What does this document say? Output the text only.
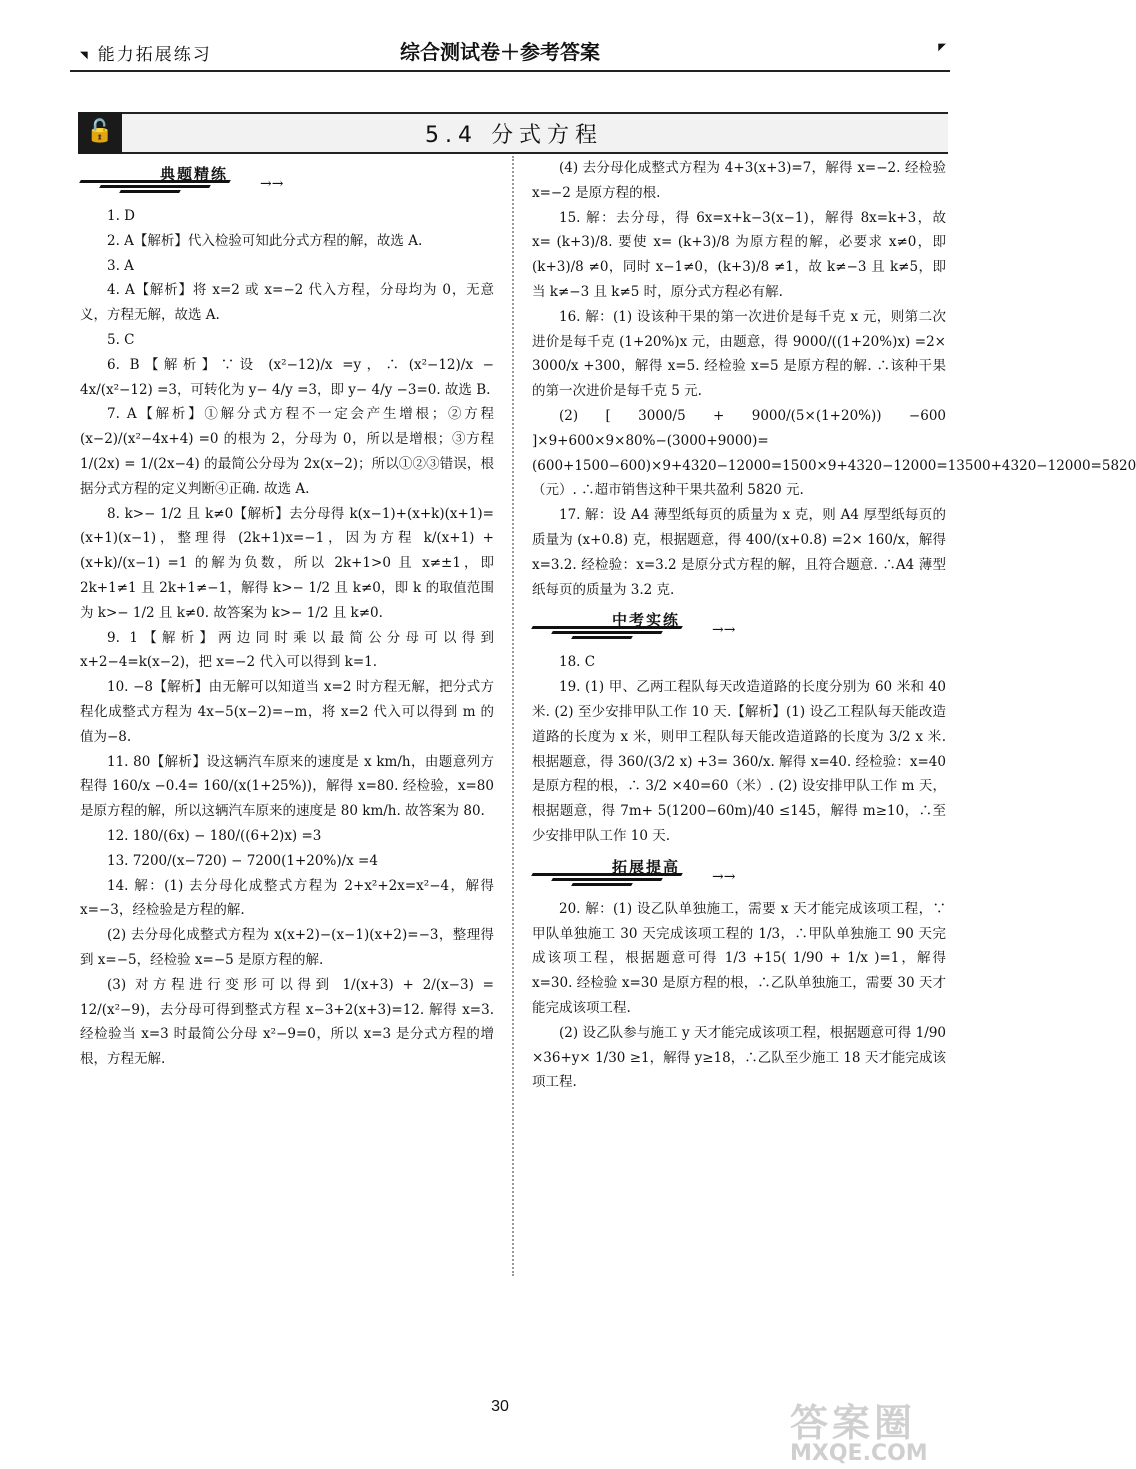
◥ 能力拓展练习	综合测试卷＋参考答案	◤
🔓	5.4 分式方程
典题精练
→→

1. D

2. A【解析】代入检验可知此分式方程的解，故选 A.

3. A

4. A【解析】将 x=2 或 x=−2 代入方程，分母均为 0，无意义，方程无解，故选 A.

5. C

6. B【解析】∵设 (x²−12)/x =y，∴ (x²−12)/x − 4x/(x²−12) =3，可转化为 y− 4/y =3，即 y− 4/y −3=0. 故选 B.

7. A【解析】①解分式方程不一定会产生增根；②方程 (x−2)/(x²−4x+4) =0 的根为 2，分母为 0，所以是增根；③方程 1/(2x) = 1/(2x−4) 的最简公分母为 2x(x−2)；所以①②③错误，根据分式方程的定义判断④正确. 故选 A.

8. k>− 1/2 且 k≠0【解析】去分母得 k(x−1)+(x+k)(x+1)=(x+1)(x−1)，整理得 (2k+1)x=−1，因为方程 k/(x+1) + (x+k)/(x−1) =1 的解为负数，所以 2k+1>0 且 x≠±1，即 2k+1≠1 且 2k+1≠−1，解得 k>− 1/2 且 k≠0，即 k 的取值范围为 k>− 1/2 且 k≠0. 故答案为 k>− 1/2 且 k≠0.

9. 1【解析】两边同时乘以最简公分母可以得到 x+2−4=k(x−2)，把 x=−2 代入可以得到 k=1.

10. −8【解析】由无解可以知道当 x=2 时方程无解，把分式方程化成整式方程为 4x−5(x−2)=−m，将 x=2 代入可以得到 m 的值为−8.

11. 80【解析】设这辆汽车原来的速度是 x km/h，由题意列方程得 160/x −0.4= 160/(x(1+25%))，解得 x=80. 经检验，x=80 是原方程的解，所以这辆汽车原来的速度是 80 km/h. 故答案为 80.

12. 180/(6x) − 180/((6+2)x) =3

13. 7200/(x−720) − 7200(1+20%)/x =4

14. 解：(1) 去分母化成整式方程为 2+x²+2x=x²−4，解得 x=−3，经检验是方程的解.

(2) 去分母化成整式方程为 x(x+2)−(x−1)(x+2)=−3，整理得到 x=−5，经检验 x=−5 是原方程的解.

(3) 对方程进行变形可以得到 1/(x+3) + 2/(x−3) = 12/(x²−9)，去分母可得到整式方程 x−3+2(x+3)=12. 解得 x=3. 经检验当 x=3 时最简公分母 x²−9=0，所以 x=3 是分式方程的增根，方程无解.

(4) 去分母化成整式方程为 4+3(x+3)=7，解得 x=−2. 经检验 x=−2 是原方程的根.

15. 解：去分母，得 6x=x+k−3(x−1)，解得 8x=k+3，故 x= (k+3)/8. 要使 x= (k+3)/8 为原方程的解，必要求 x≠0，即 (k+3)/8 ≠0，同时 x−1≠0，(k+3)/8 ≠1，故 k≠−3 且 k≠5，即当 k≠−3 且 k≠5 时，原分式方程必有解.

16. 解：(1) 设该种干果的第一次进价是每千克 x 元，则第二次进价是每千克 (1+20%)x 元，由题意，得 9000/((1+20%)x) =2× 3000/x +300，解得 x=5. 经检验 x=5 是原方程的解. ∴该种干果的第一次进价是每千克 5 元.

(2) [ 3000/5 + 9000/(5×(1+20%)) −600 ]×9+600×9×80%−(3000+9000)=(600+1500−600)×9+4320−12000=1500×9+4320−12000=13500+4320−12000=5820（元）. ∴超市销售这种干果共盈利 5820 元.

17. 解：设 A4 薄型纸每页的质量为 x 克，则 A4 厚型纸每页的质量为 (x+0.8) 克，根据题意，得 400/(x+0.8) =2× 160/x，解得 x=3.2. 经检验：x=3.2 是原分式方程的解，且符合题意. ∴A4 薄型纸每页的质量为 3.2 克.

中考实练
→→

18. C

19. (1) 甲、乙两工程队每天改造道路的长度分别为 60 米和 40 米. (2) 至少安排甲队工作 10 天.【解析】(1) 设乙工程队每天能改造道路的长度为 x 米，则甲工程队每天能改造道路的长度为 3/2 x 米. 根据题意，得 360/(3/2 x) +3= 360/x. 解得 x=40. 经检验：x=40 是原方程的根，∴ 3/2 ×40=60（米）. (2) 设安排甲队工作 m 天，根据题意，得 7m+ 5(1200−60m)/40 ≤145，解得 m≥10，∴至少安排甲队工作 10 天.

拓展提高
→→

20. 解：(1) 设乙队单独施工，需要 x 天才能完成该项工程，∵甲队单独施工 30 天完成该项工程的 1/3，∴甲队单独施工 90 天完成该项工程，根据题意可得 1/3 +15( 1/90 + 1/x )=1，解得 x=30. 经检验 x=30 是原方程的根，∴乙队单独施工，需要 30 天才能完成该项工程.

(2) 设乙队参与施工 y 天才能完成该项工程，根据题意可得 1/90 ×36+y× 1/30 ≥1，解得 y≥18，∴乙队至少施工 18 天才能完成该项工程.

30	答案圈
MXQE.COM
